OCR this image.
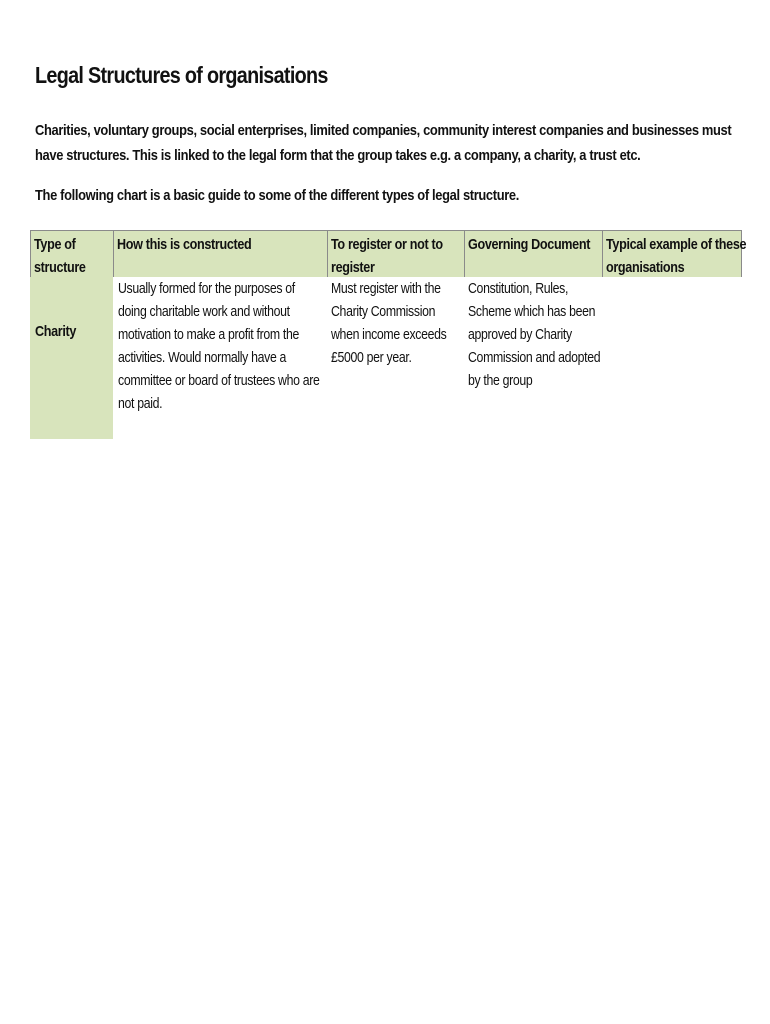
Legal Structures of organisations

Charities, voluntary groups, social enterprises, limited companies, community interest companies and businesses must have structures. This is linked to the legal form that the group takes e.g. a company, a charity, a trust etc.

The following chart is a basic guide to some of the different types of legal structure.

Type of structure
How this is constructed	To register or not to register
Governing Document	Typical example of these organisations
Charity
Usually formed for the purposes of doing charitable work and without motivation to make a profit from the activities. Would normally have a committee or board of trustees who are not paid.
Must register with the Charity Commission when income exceeds £5000 per year.
Constitution, Rules, Scheme which has been approved by Charity Commission and adopted by the group
